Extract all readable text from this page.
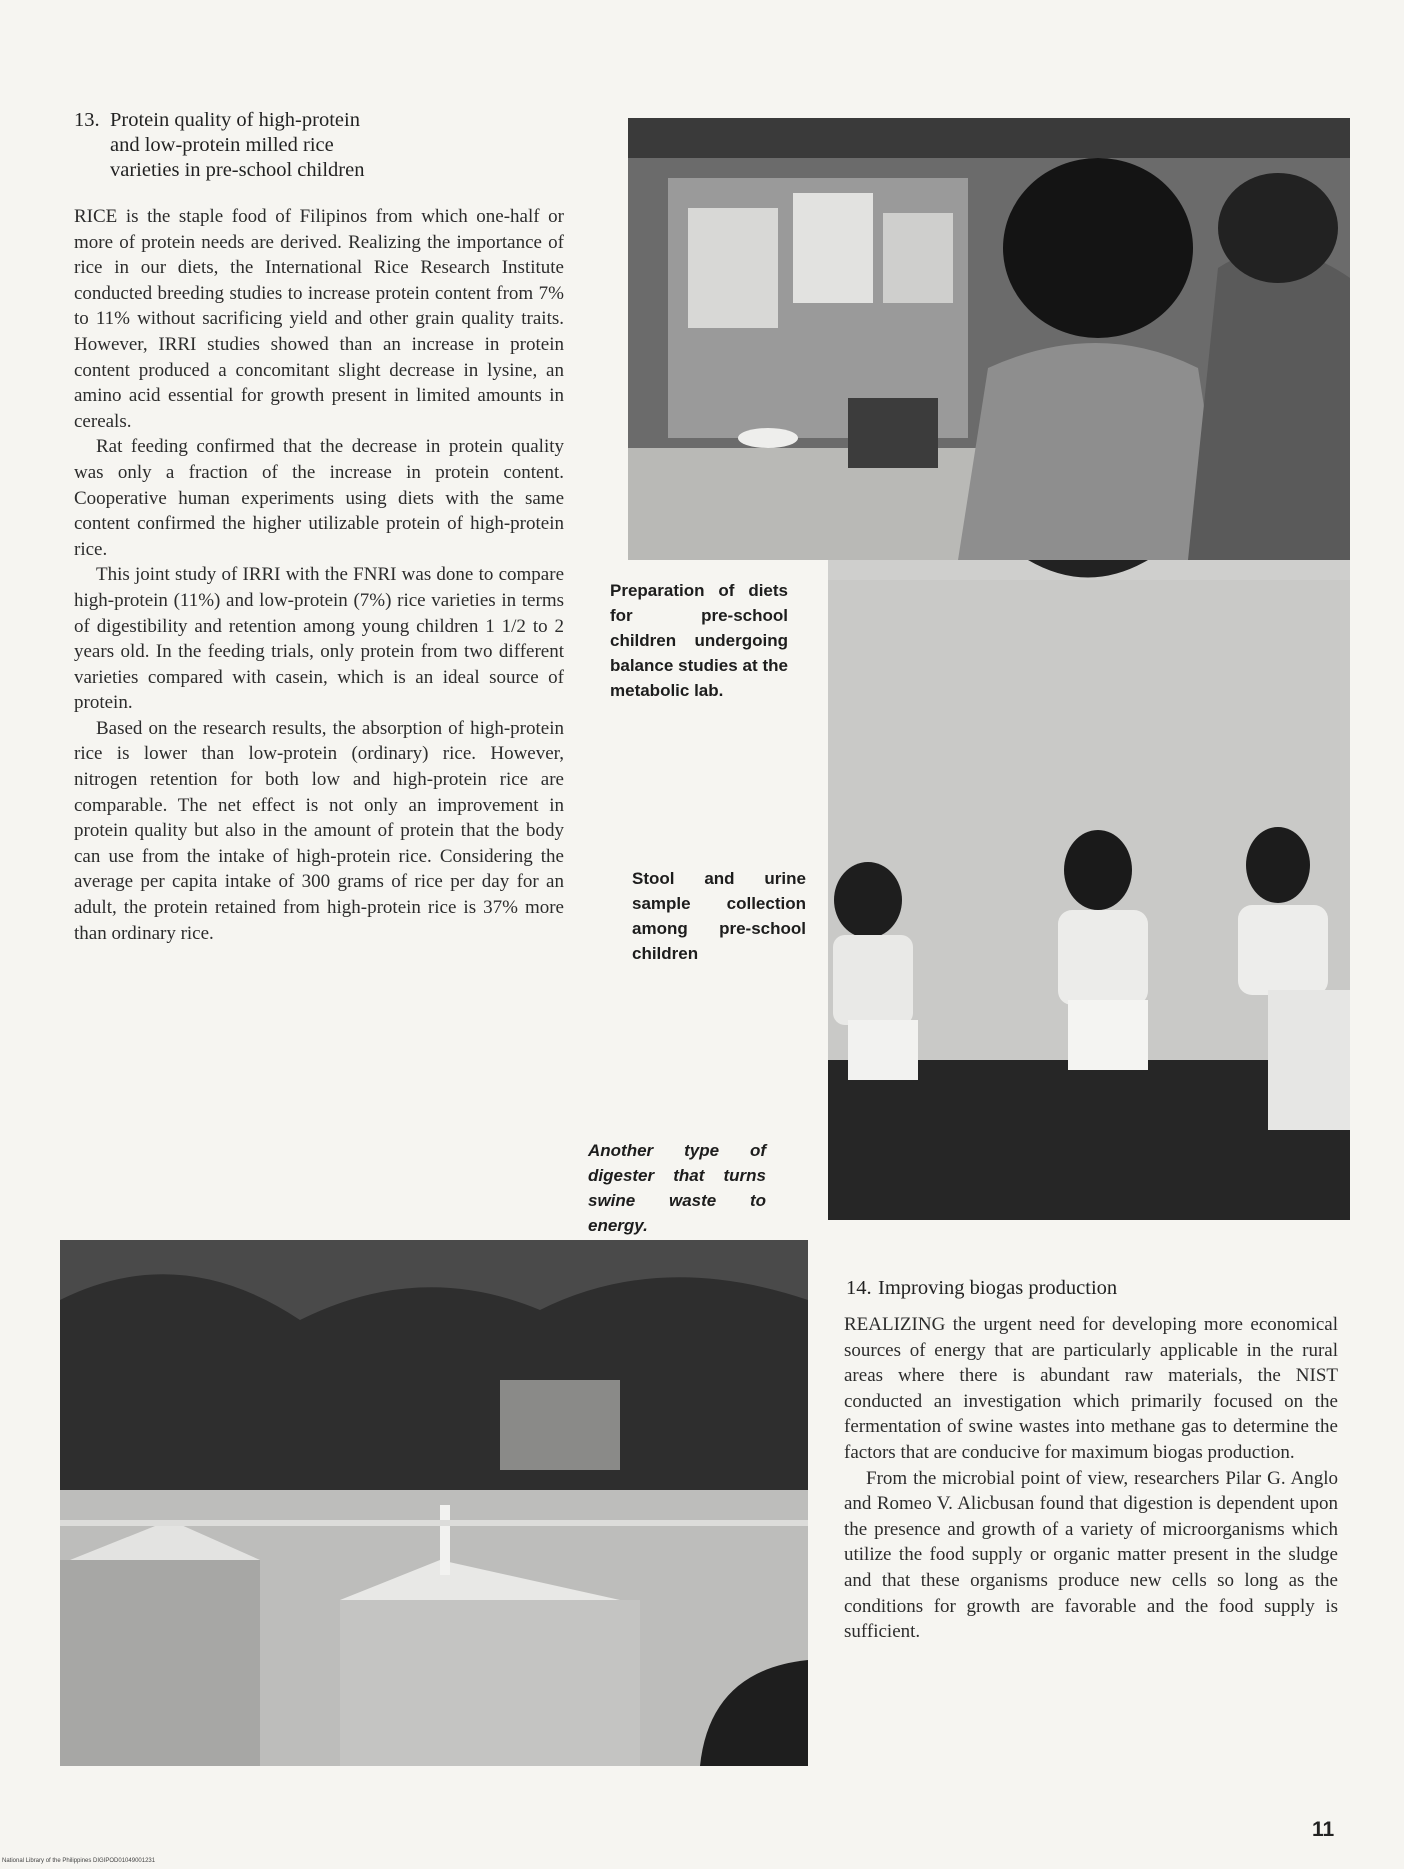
13. Protein quality of high-protein
and low-protein milled rice
varieties in pre-school children

RICE is the staple food of Filipinos from which one-half or more of protein needs are derived. Realizing the importance of rice in our diets, the International Rice Research Institute conducted breeding studies to increase protein content from 7% to 11% without sacrificing yield and other grain quality traits. However, IRRI studies showed than an increase in protein content produced a concomitant slight decrease in lysine, an amino acid essential for growth present in limited amounts in cereals.

Rat feeding confirmed that the decrease in protein quality was only a fraction of the increase in protein content. Cooperative human experiments using diets with the same content confirmed the higher utilizable protein of high-protein rice.

This joint study of IRRI with the FNRI was done to compare high-protein (11%) and low-protein (7%) rice varieties in terms of digestibility and retention among young children 1 1/2 to 2 years old. In the feeding trials, only protein from two different varieties compared with casein, which is an ideal source of protein.

Based on the research results, the absorption of high-protein rice is lower than low-protein (ordinary) rice. However, nitrogen retention for both low and high-protein rice are comparable. The net effect is not only an improvement in protein quality but also in the amount of protein that the body can use from the intake of high-protein rice. Considering the average per capita intake of 300 grams of rice per day for an adult, the protein retained from high-protein rice is 37% more than ordinary rice.

Preparation of diets for pre-school children undergoing balance studies at the metabolic lab.
Stool and urine sample collection among pre-school children
Another type of digester that turns swine waste to energy.
14. Improving biogas production

REALIZING the urgent need for developing more economical sources of energy that are particularly applicable in the rural areas where there is abundant raw materials, the NIST conducted an investigation which primarily focused on the fermentation of swine wastes into methane gas to determine the factors that are conducive for maximum biogas production.

From the microbial point of view, researchers Pilar G. Anglo and Romeo V. Alicbusan found that digestion is dependent upon the presence and growth of a variety of microorganisms which utilize the food supply or organic matter present in the sludge and that these organisms produce new cells so long as the conditions for growth are favorable and the food supply is sufficient.

11
National Library of the Philippines DIGIPOD01049001231
